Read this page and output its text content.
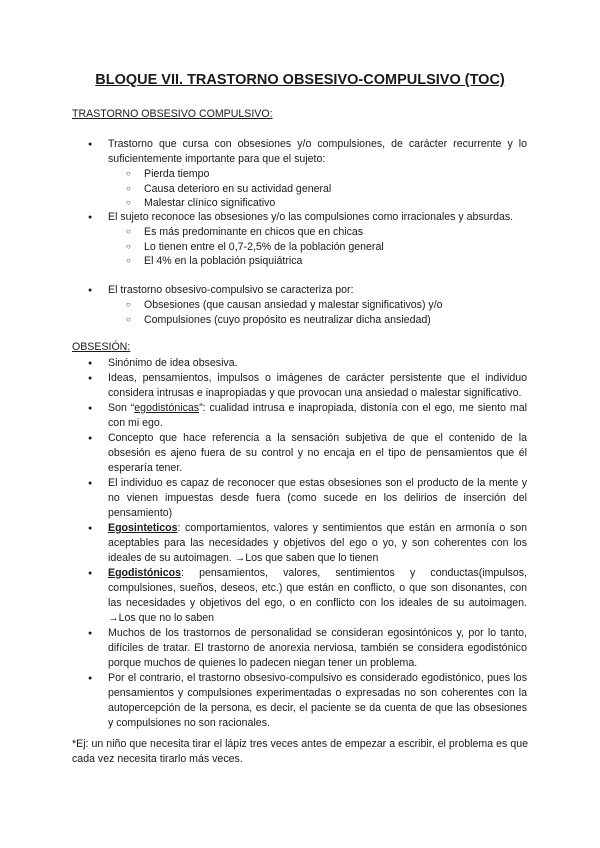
BLOQUE VII. TRASTORNO OBSESIVO-COMPULSIVO (TOC)

TRASTORNO OBSESIVO COMPULSIVO:

● Trastorno que cursa con obsesiones y/o compulsiones, de carácter recurrente y lo suficientemente importante para que el sujeto:
○ Pierda tiempo
○ Causa deterioro en su actividad general
○ Malestar clínico significativo
● El sujeto reconoce las obsesiones y/o las compulsiones como irracionales y absurdas.
○ Es más predominante en chicos que en chicas
○ Lo tienen entre el 0,7-2,5% de la población general
○ El 4% en la población psiquiátrica
● El trastorno obsesivo-compulsivo se caracteriza por:
○ Obsesiones (que causan ansiedad y malestar significativos) y/o
○ Compulsiones (cuyo propósito es neutralizar dicha ansiedad)

OBSESIÓN:

● Sinónimo de idea obsesiva.
● Ideas, pensamientos, impulsos o imágenes de carácter persistente que el individuo considera intrusas e inapropiadas y que provocan una ansiedad o malestar significativo.
● Son “egodistónicas”: cualidad intrusa e inapropiada, distonía con el ego, me siento mal con mi ego.
● Concepto que hace referencia a la sensación subjetiva de que el contenido de la obsesión es ajeno fuera de su control y no encaja en el tipo de pensamientos que él esperaría tener.
● El individuo es capaz de reconocer que estas obsesiones son el producto de la mente y no vienen impuestas desde fuera (como sucede en los delirios de inserción del pensamiento)
● Egosinteticos: comportamientos, valores y sentimientos que están en armonía o son aceptables para las necesidades y objetivos del ego o yo, y son coherentes con los ideales de su autoimagen. →Los que saben que lo tienen
● Egodistónicos: pensamientos, valores, sentimientos y conductas(impulsos, compulsiones, sueños, deseos, etc.) que están en conflicto, o que son disonantes, con las necesidades y objetivos del ego, o en conflicto con los ideales de su autoimagen. →Los que no lo saben
● Muchos de los trastornos de personalidad se consideran egosintónicos y, por lo tanto, difíciles de tratar. El trastorno de anorexia nerviosa, también se considera egodistónico porque muchos de quienes lo padecen niegan tener un problema.
● Por el contrario, el trastorno obsesivo-compulsivo es considerado egodistónico, pues los pensamientos y compulsiones experimentadas o expresadas no son coherentes con la autopercepción de la persona, es decir, el paciente se da cuenta de que las obsesiones y compulsiones no son racionales.

*Ej: un niño que necesita tirar el lápiz tres veces antes de empezar a escribir, el problema es que cada vez necesita tirarlo más veces.
